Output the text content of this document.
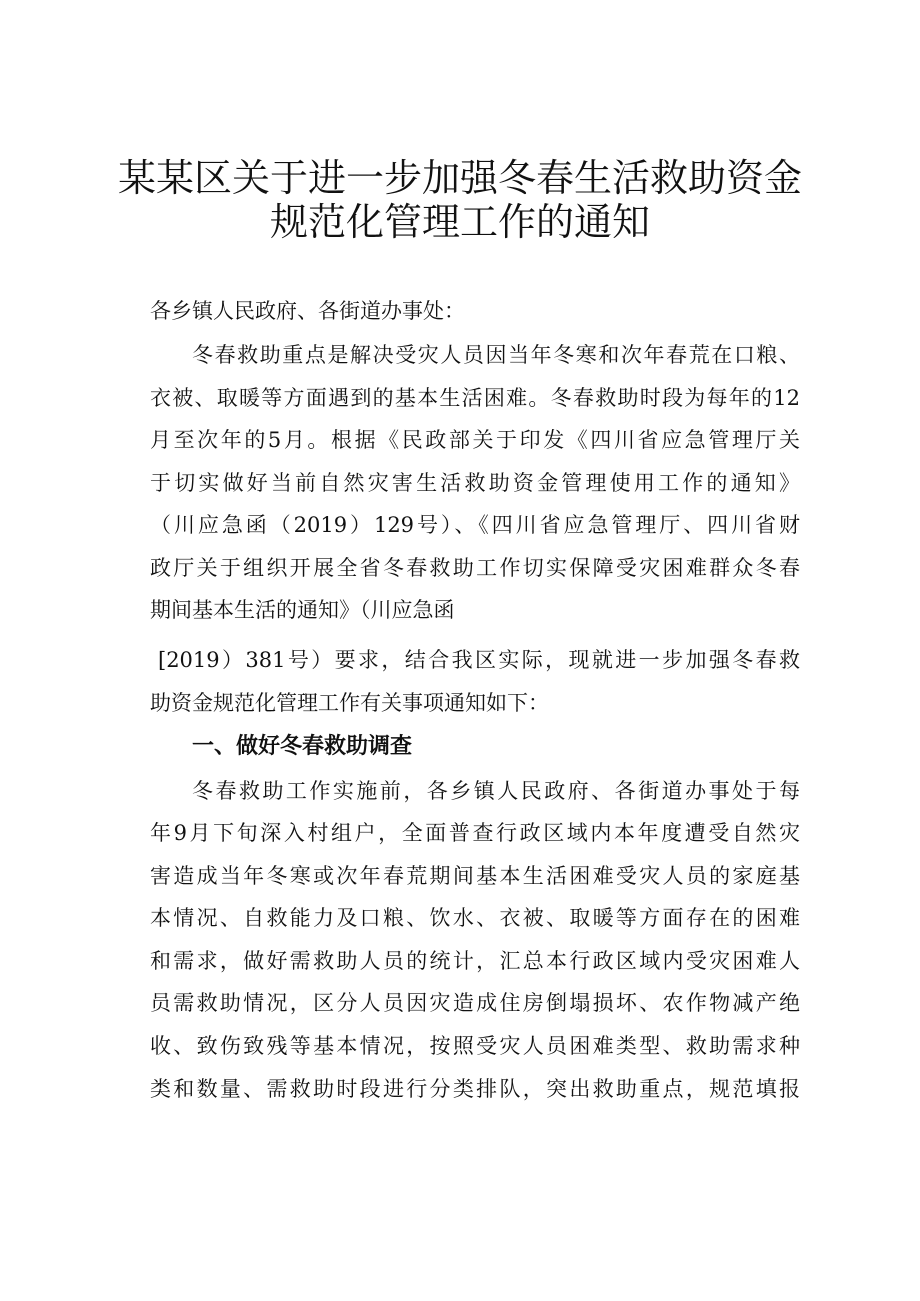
某某区关于进一步加强冬春生活救助资金
规范化管理工作的通知
各乡镇人民政府、各街道办事处：
冬春救助重点是解决受灾人员因当年冬寒和次年春荒在口粮、
衣被、取暖等方面遇到的基本生活困难。冬春救助时段为每年的12
月至次年的5月。根据《民政部关于印发《四川省应急管理厅关
于切实做好当前自然灾害生活救助资金管理使用工作的通知》
（川应急函（2019）129号）、《四川省应急管理厅、四川省财
政厅关于组织开展全省冬春救助工作切实保障受灾困难群众冬春
期间基本生活的通知》（川应急函
[2019）381号）要求，结合我区实际，现就进一步加强冬春救
助资金规范化管理工作有关事项通知如下：
一、做好冬春救助调查
冬春救助工作实施前，各乡镇人民政府、各街道办事处于每
年9月下旬深入村组户，全面普查行政区域内本年度遭受自然灾
害造成当年冬寒或次年春荒期间基本生活困难受灾人员的家庭基
本情况、自救能力及口粮、饮水、衣被、取暖等方面存在的困难
和需求，做好需救助人员的统计，汇总本行政区域内受灾困难人
员需救助情况，区分人员因灾造成住房倒塌损坏、农作物减产绝
收、致伤致残等基本情况，按照受灾人员困难类型、救助需求种
类和数量、需救助时段进行分类排队，突出救助重点，规范填报
